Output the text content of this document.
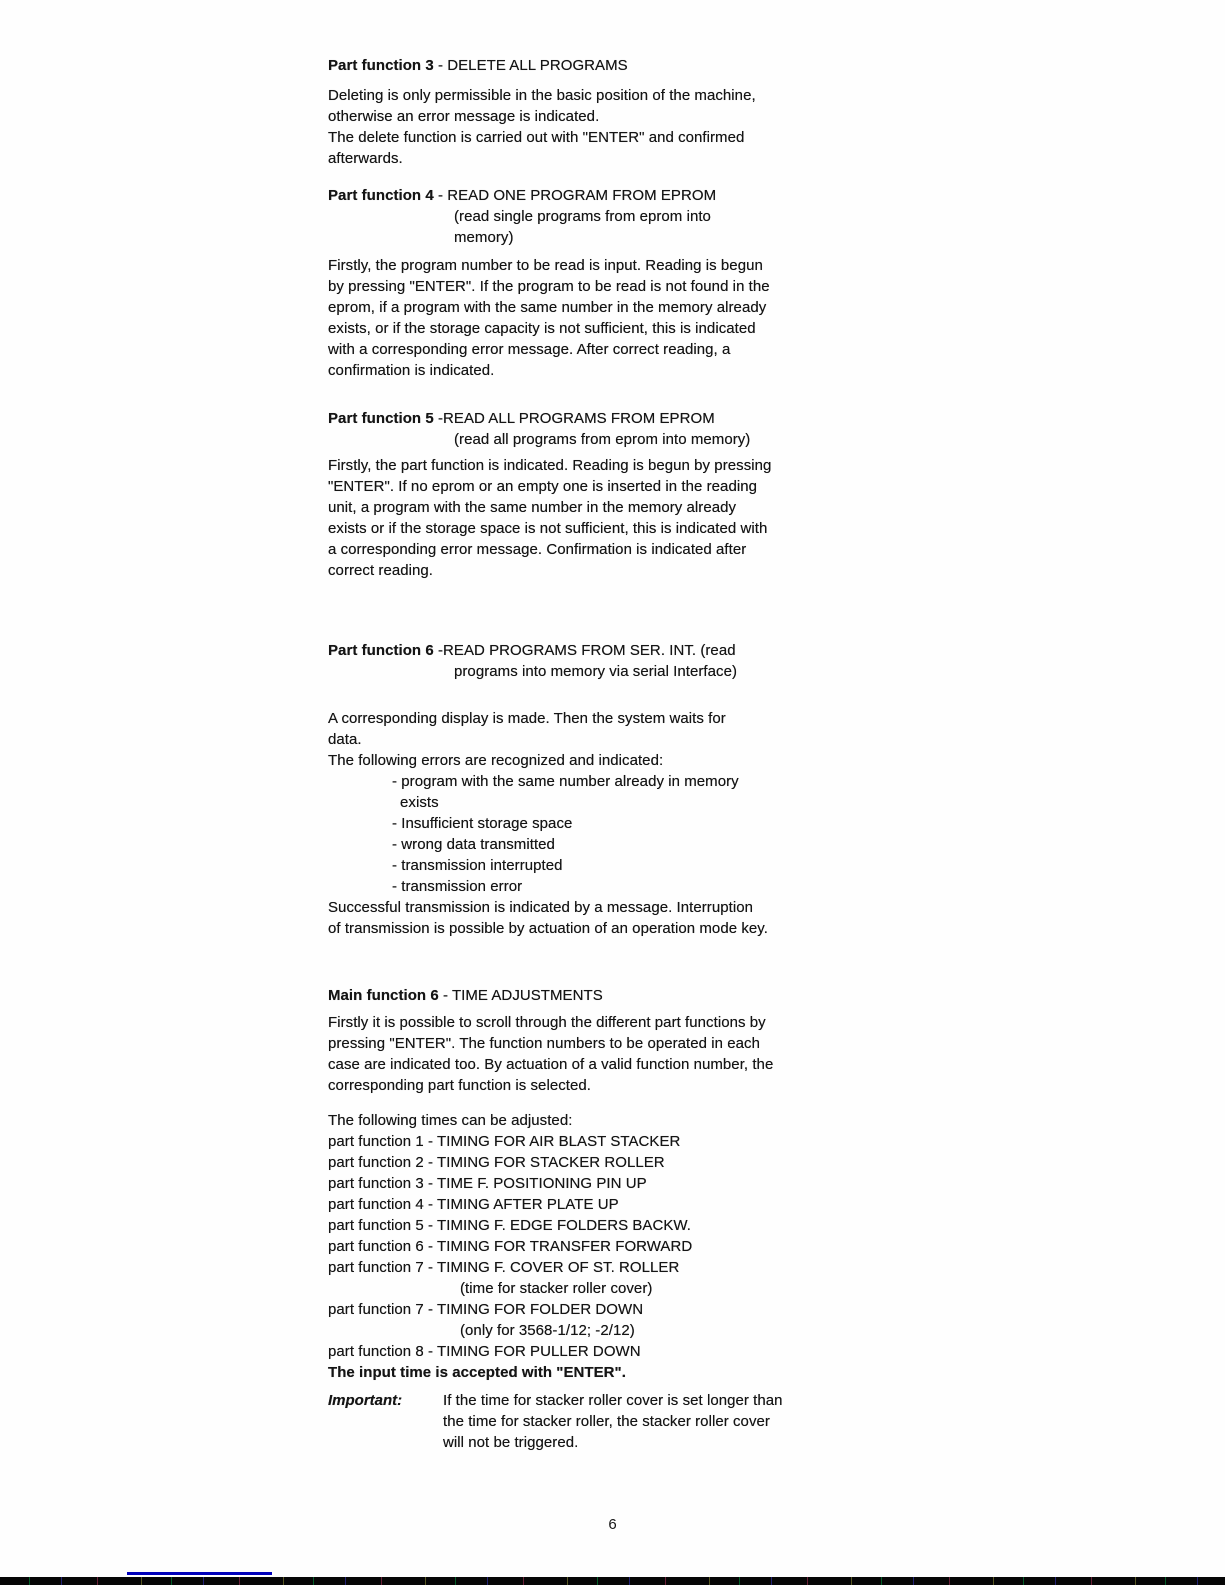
Part function 3 - DELETE ALL PROGRAMS
Deleting is only permissible in the basic position of the machine,
otherwise an error message is indicated.
The delete function is carried out with "ENTER" and confirmed
afterwards.
Part function 4 - READ ONE PROGRAM FROM EPROM
(read single programs from eprom into
memory)
Firstly, the program number to be read is input. Reading is begun
by pressing "ENTER". If the program to be read is not found in the
eprom, if a program with the same number in the memory already
exists, or if the storage capacity is not sufficient, this is indicated
with a corresponding error message. After correct reading, a
confirmation is indicated.
Part function 5 -READ ALL PROGRAMS FROM EPROM
(read all programs from eprom into memory)
Firstly, the part function is indicated. Reading is begun by pressing
"ENTER". If no eprom or an empty one is inserted in the reading
unit, a program with the same number in the memory already
exists or if the storage space is not sufficient, this is indicated with
a corresponding error message. Confirmation is indicated after
correct reading.
Part function 6 -READ PROGRAMS FROM SER. INT. (read
programs into memory via serial Interface)
A corresponding display is made. Then the system waits for
data.
The following errors are recognized and indicated:
- program with the same number already in memory
exists
- Insufficient storage space
- wrong data transmitted
- transmission interrupted
- transmission error
Successful transmission is indicated by a message. Interruption
of transmission is possible by actuation of an operation mode key.
Main function 6 - TIME ADJUSTMENTS
Firstly it is possible to scroll through the different part functions by
pressing "ENTER". The function numbers to be operated in each
case are indicated too. By actuation of a valid function number, the
corresponding part function is selected.
The following times can be adjusted:
part function 1 - TIMING FOR AIR BLAST STACKER
part function 2 - TIMING FOR STACKER ROLLER
part function 3 - TIME F. POSITIONING PIN UP
part function 4 - TIMING AFTER PLATE UP
part function 5 - TIMING F. EDGE FOLDERS BACKW.
part function 6 - TIMING FOR TRANSFER FORWARD
part function 7 - TIMING F. COVER OF ST. ROLLER
(time for stacker roller cover)
part function 7 - TIMING FOR FOLDER DOWN
(only for 3568-1/12; -2/12)
part function 8 - TIMING FOR PULLER DOWN
The input time is accepted with "ENTER".
Important:	If the time for stacker roller cover is set longer than
the time for stacker roller, the stacker roller cover
will not be triggered.
6
